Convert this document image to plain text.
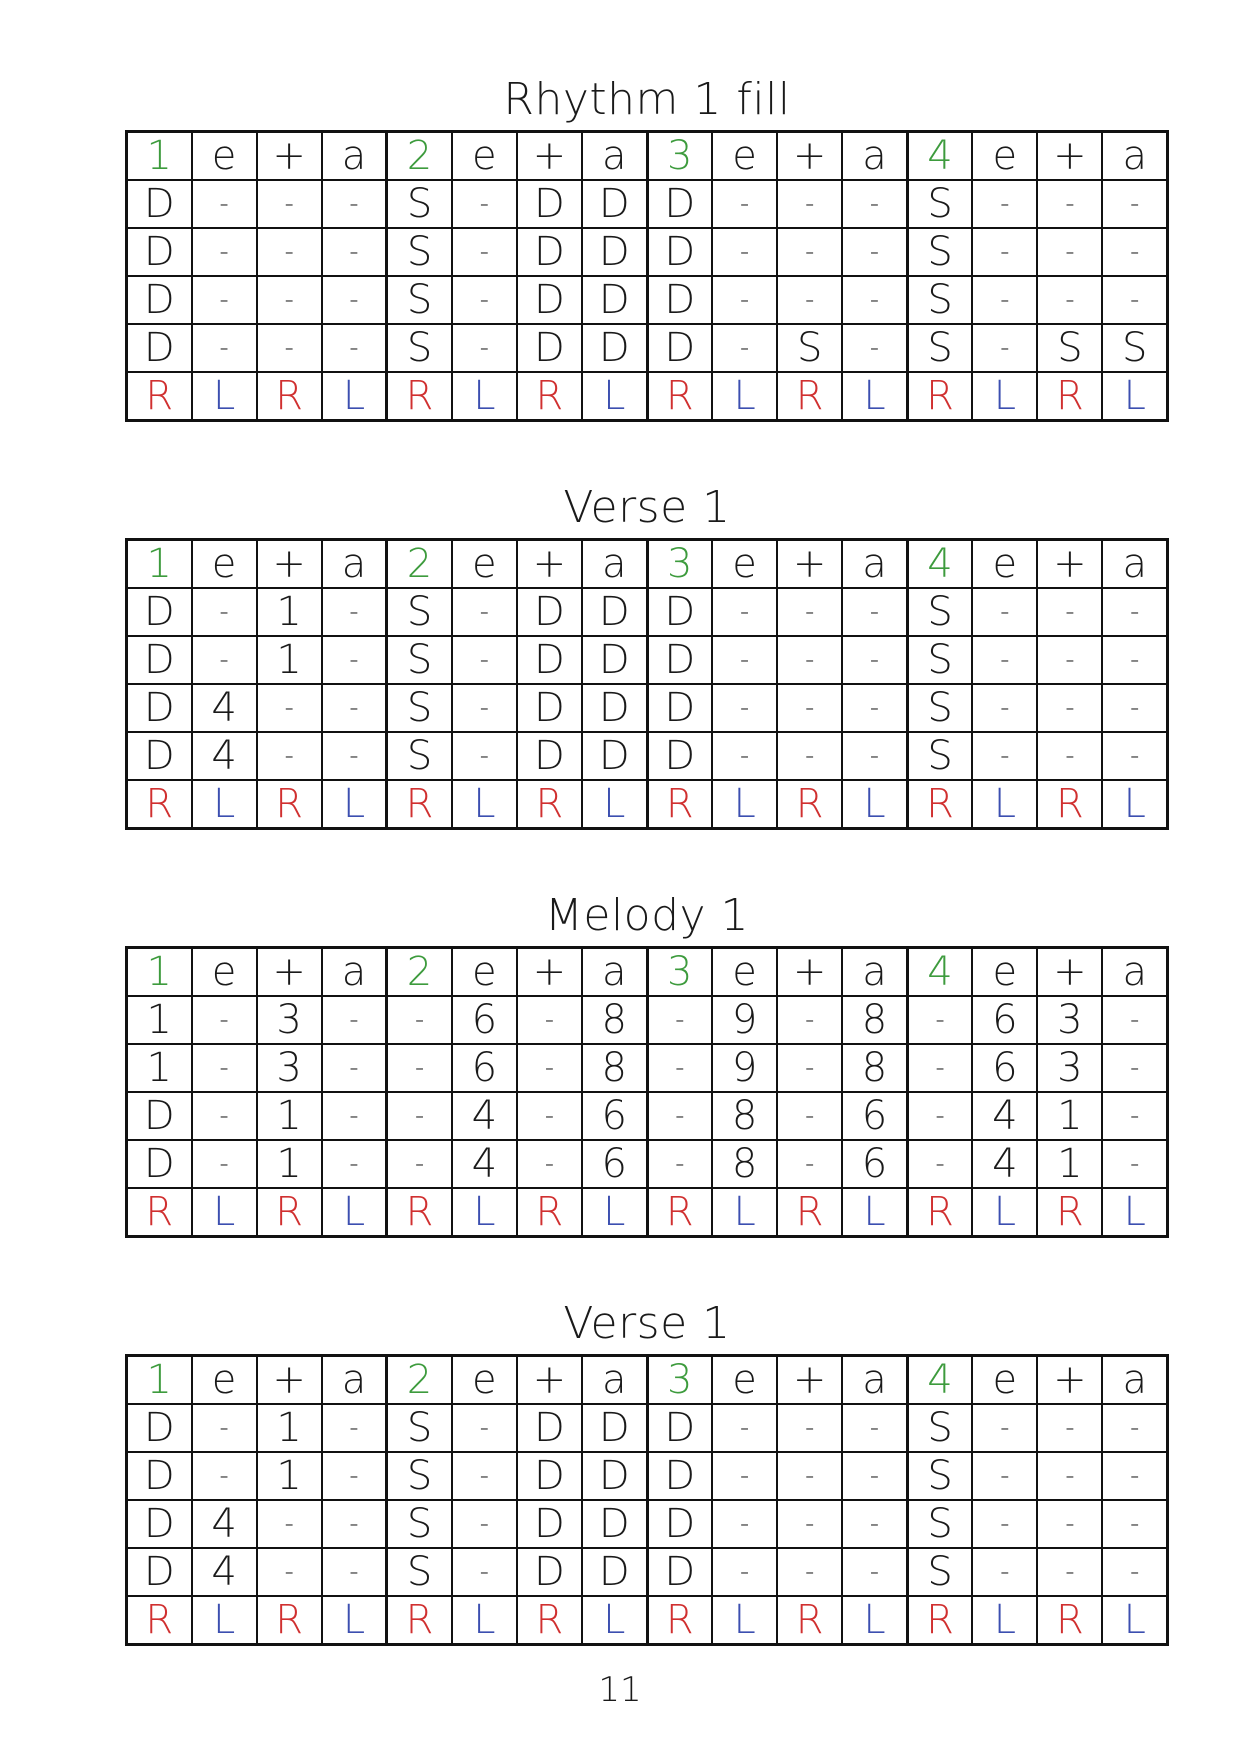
Rhythm 1 fill
1	e	+	a	2	e	+	a	3	e	+	a	4	e	+	a
D	-	-	-	S	-	D	D	D	-	-	-	S	-	-	-
D	-	-	-	S	-	D	D	D	-	-	-	S	-	-	-
D	-	-	-	S	-	D	D	D	-	-	-	S	-	-	-
D	-	-	-	S	-	D	D	D	-	S	-	S	-	S	S
R	L	R	L	R	L	R	L	R	L	R	L	R	L	R	L
Verse 1
1	e	+	a	2	e	+	a	3	e	+	a	4	e	+	a
D	-	1	-	S	-	D	D	D	-	-	-	S	-	-	-
D	-	1	-	S	-	D	D	D	-	-	-	S	-	-	-
D	4	-	-	S	-	D	D	D	-	-	-	S	-	-	-
D	4	-	-	S	-	D	D	D	-	-	-	S	-	-	-
R	L	R	L	R	L	R	L	R	L	R	L	R	L	R	L
Melody 1
1	e	+	a	2	e	+	a	3	e	+	a	4	e	+	a
1	-	3	-	-	6	-	8	-	9	-	8	-	6	3	-
1	-	3	-	-	6	-	8	-	9	-	8	-	6	3	-
D	-	1	-	-	4	-	6	-	8	-	6	-	4	1	-
D	-	1	-	-	4	-	6	-	8	-	6	-	4	1	-
R	L	R	L	R	L	R	L	R	L	R	L	R	L	R	L
Verse 1
1	e	+	a	2	e	+	a	3	e	+	a	4	e	+	a
D	-	1	-	S	-	D	D	D	-	-	-	S	-	-	-
D	-	1	-	S	-	D	D	D	-	-	-	S	-	-	-
D	4	-	-	S	-	D	D	D	-	-	-	S	-	-	-
D	4	-	-	S	-	D	D	D	-	-	-	S	-	-	-
R	L	R	L	R	L	R	L	R	L	R	L	R	L	R	L
11
